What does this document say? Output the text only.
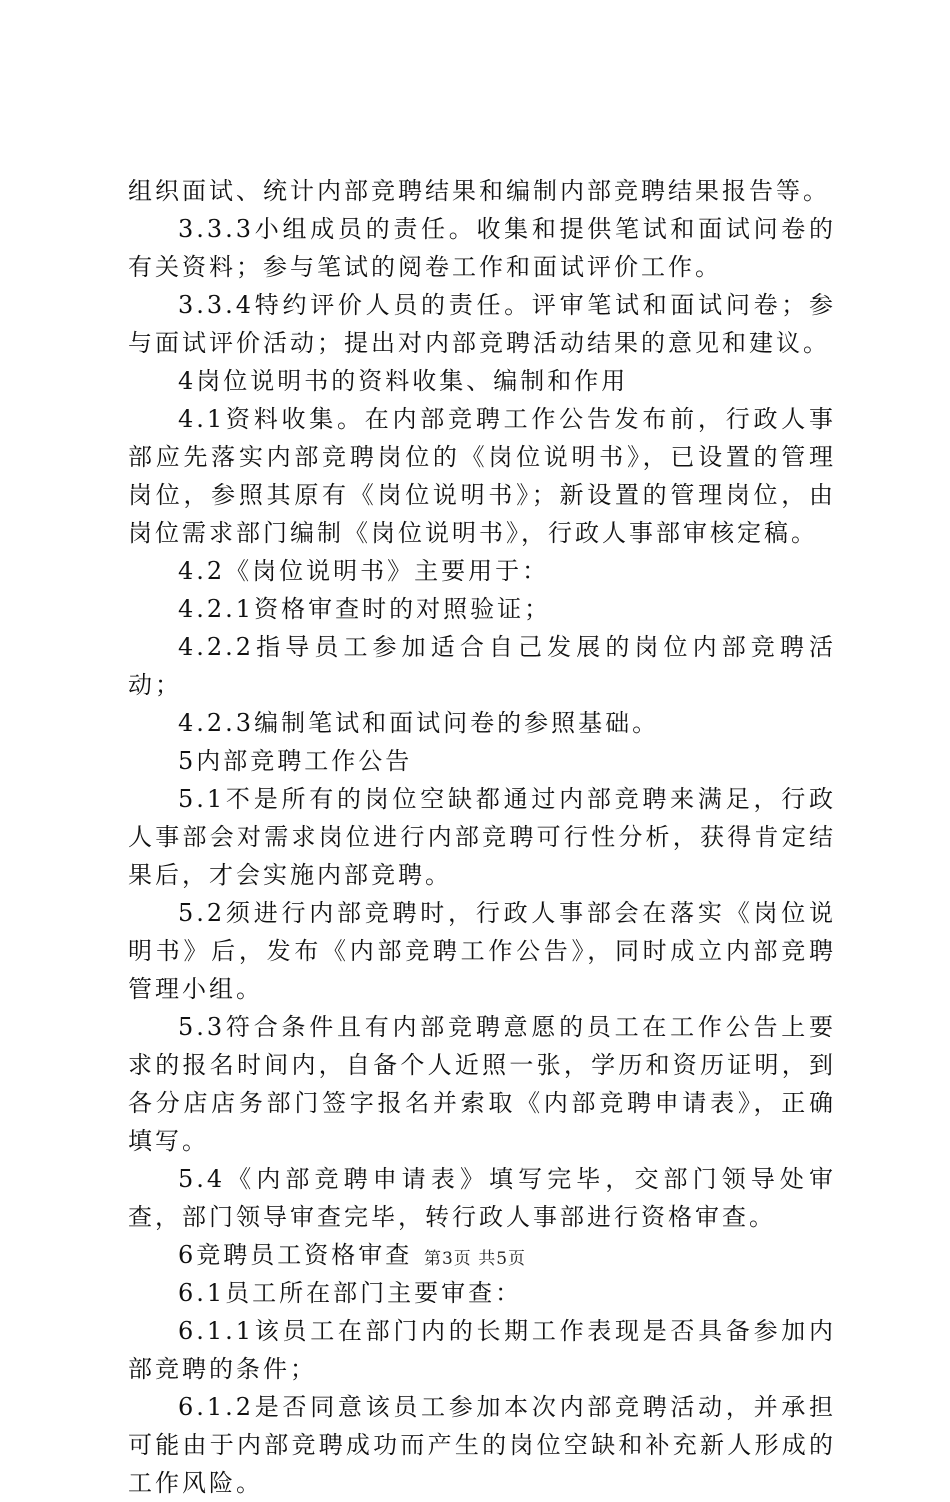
组织面试、统计内部竞聘结果和编制内部竞聘结果报告等。

3.3.3小组成员的责任。收集和提供笔试和面试问卷的有关资料；参与笔试的阅卷工作和面试评价工作。

3.3.4特约评价人员的责任。评审笔试和面试问卷；参与面试评价活动；提出对内部竞聘活动结果的意见和建议。

4岗位说明书的资料收集、编制和作用

4.1资料收集。在内部竞聘工作公告发布前，行政人事部应先落实内部竞聘岗位的《岗位说明书》，已设置的管理岗位，参照其原有《岗位说明书》；新设置的管理岗位，由岗位需求部门编制《岗位说明书》，行政人事部审核定稿。

4.2《岗位说明书》主要用于：

4.2.1资格审查时的对照验证；

4.2.2指导员工参加适合自己发展的岗位内部竞聘活动；

4.2.3编制笔试和面试问卷的参照基础。

5内部竞聘工作公告

5.1不是所有的岗位空缺都通过内部竞聘来满足，行政人事部会对需求岗位进行内部竞聘可行性分析，获得肯定结果后，才会实施内部竞聘。

5.2须进行内部竞聘时，行政人事部会在落实《岗位说明书》后，发布《内部竞聘工作公告》，同时成立内部竞聘管理小组。

5.3符合条件且有内部竞聘意愿的员工在工作公告上要求的报名时间内，自备个人近照一张，学历和资历证明，到各分店店务部门签字报名并索取《内部竞聘申请表》，正确填写。

5.4《内部竞聘申请表》填写完毕，交部门领导处审查，部门领导审查完毕，转行政人事部进行资格审查。

6竞聘员工资格审查

6.1员工所在部门主要审查：

6.1.1该员工在部门内的长期工作表现是否具备参加内部竞聘的条件；

6.1.2是否同意该员工参加本次内部竞聘活动，并承担可能由于内部竞聘成功而产生的岗位空缺和补充新人形成的工作风险。

第3页 共5页
